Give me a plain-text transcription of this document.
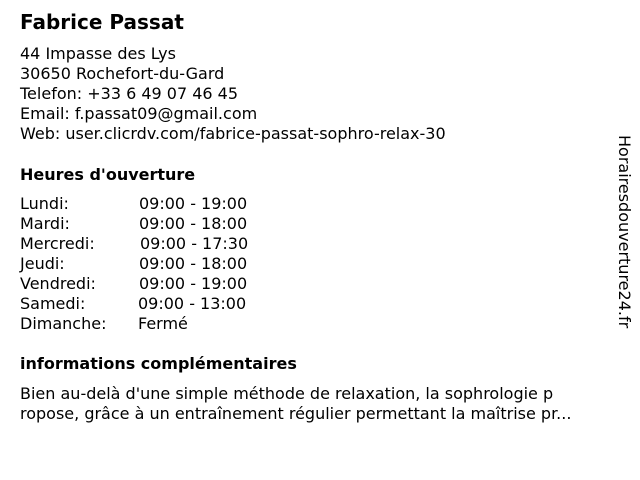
Fabrice Passat
44 Impasse des Lys
30650 Rochefort-du-Gard
Telefon: +33 6 49 07 46 45
Email: f.passat09@gmail.com
Web: user.clicrdv.com/fabrice-passat-sophro-relax-30
Heures d'ouverture
Lundi:	09:00 - 19:00
Mardi:	09:00 - 18:00
Mercredi:	09:00 - 17:30
Jeudi:	09:00 - 18:00
Vendredi:	09:00 - 19:00
Samedi:	09:00 - 13:00
Dimanche: Fermé
informations complémentaires
Bien au-delà d'une simple méthode de relaxation, la sophrologie p
ropose, grâce à un entraînement régulier permettant la maîtrise pr...
Horairesdouverture24.fr
